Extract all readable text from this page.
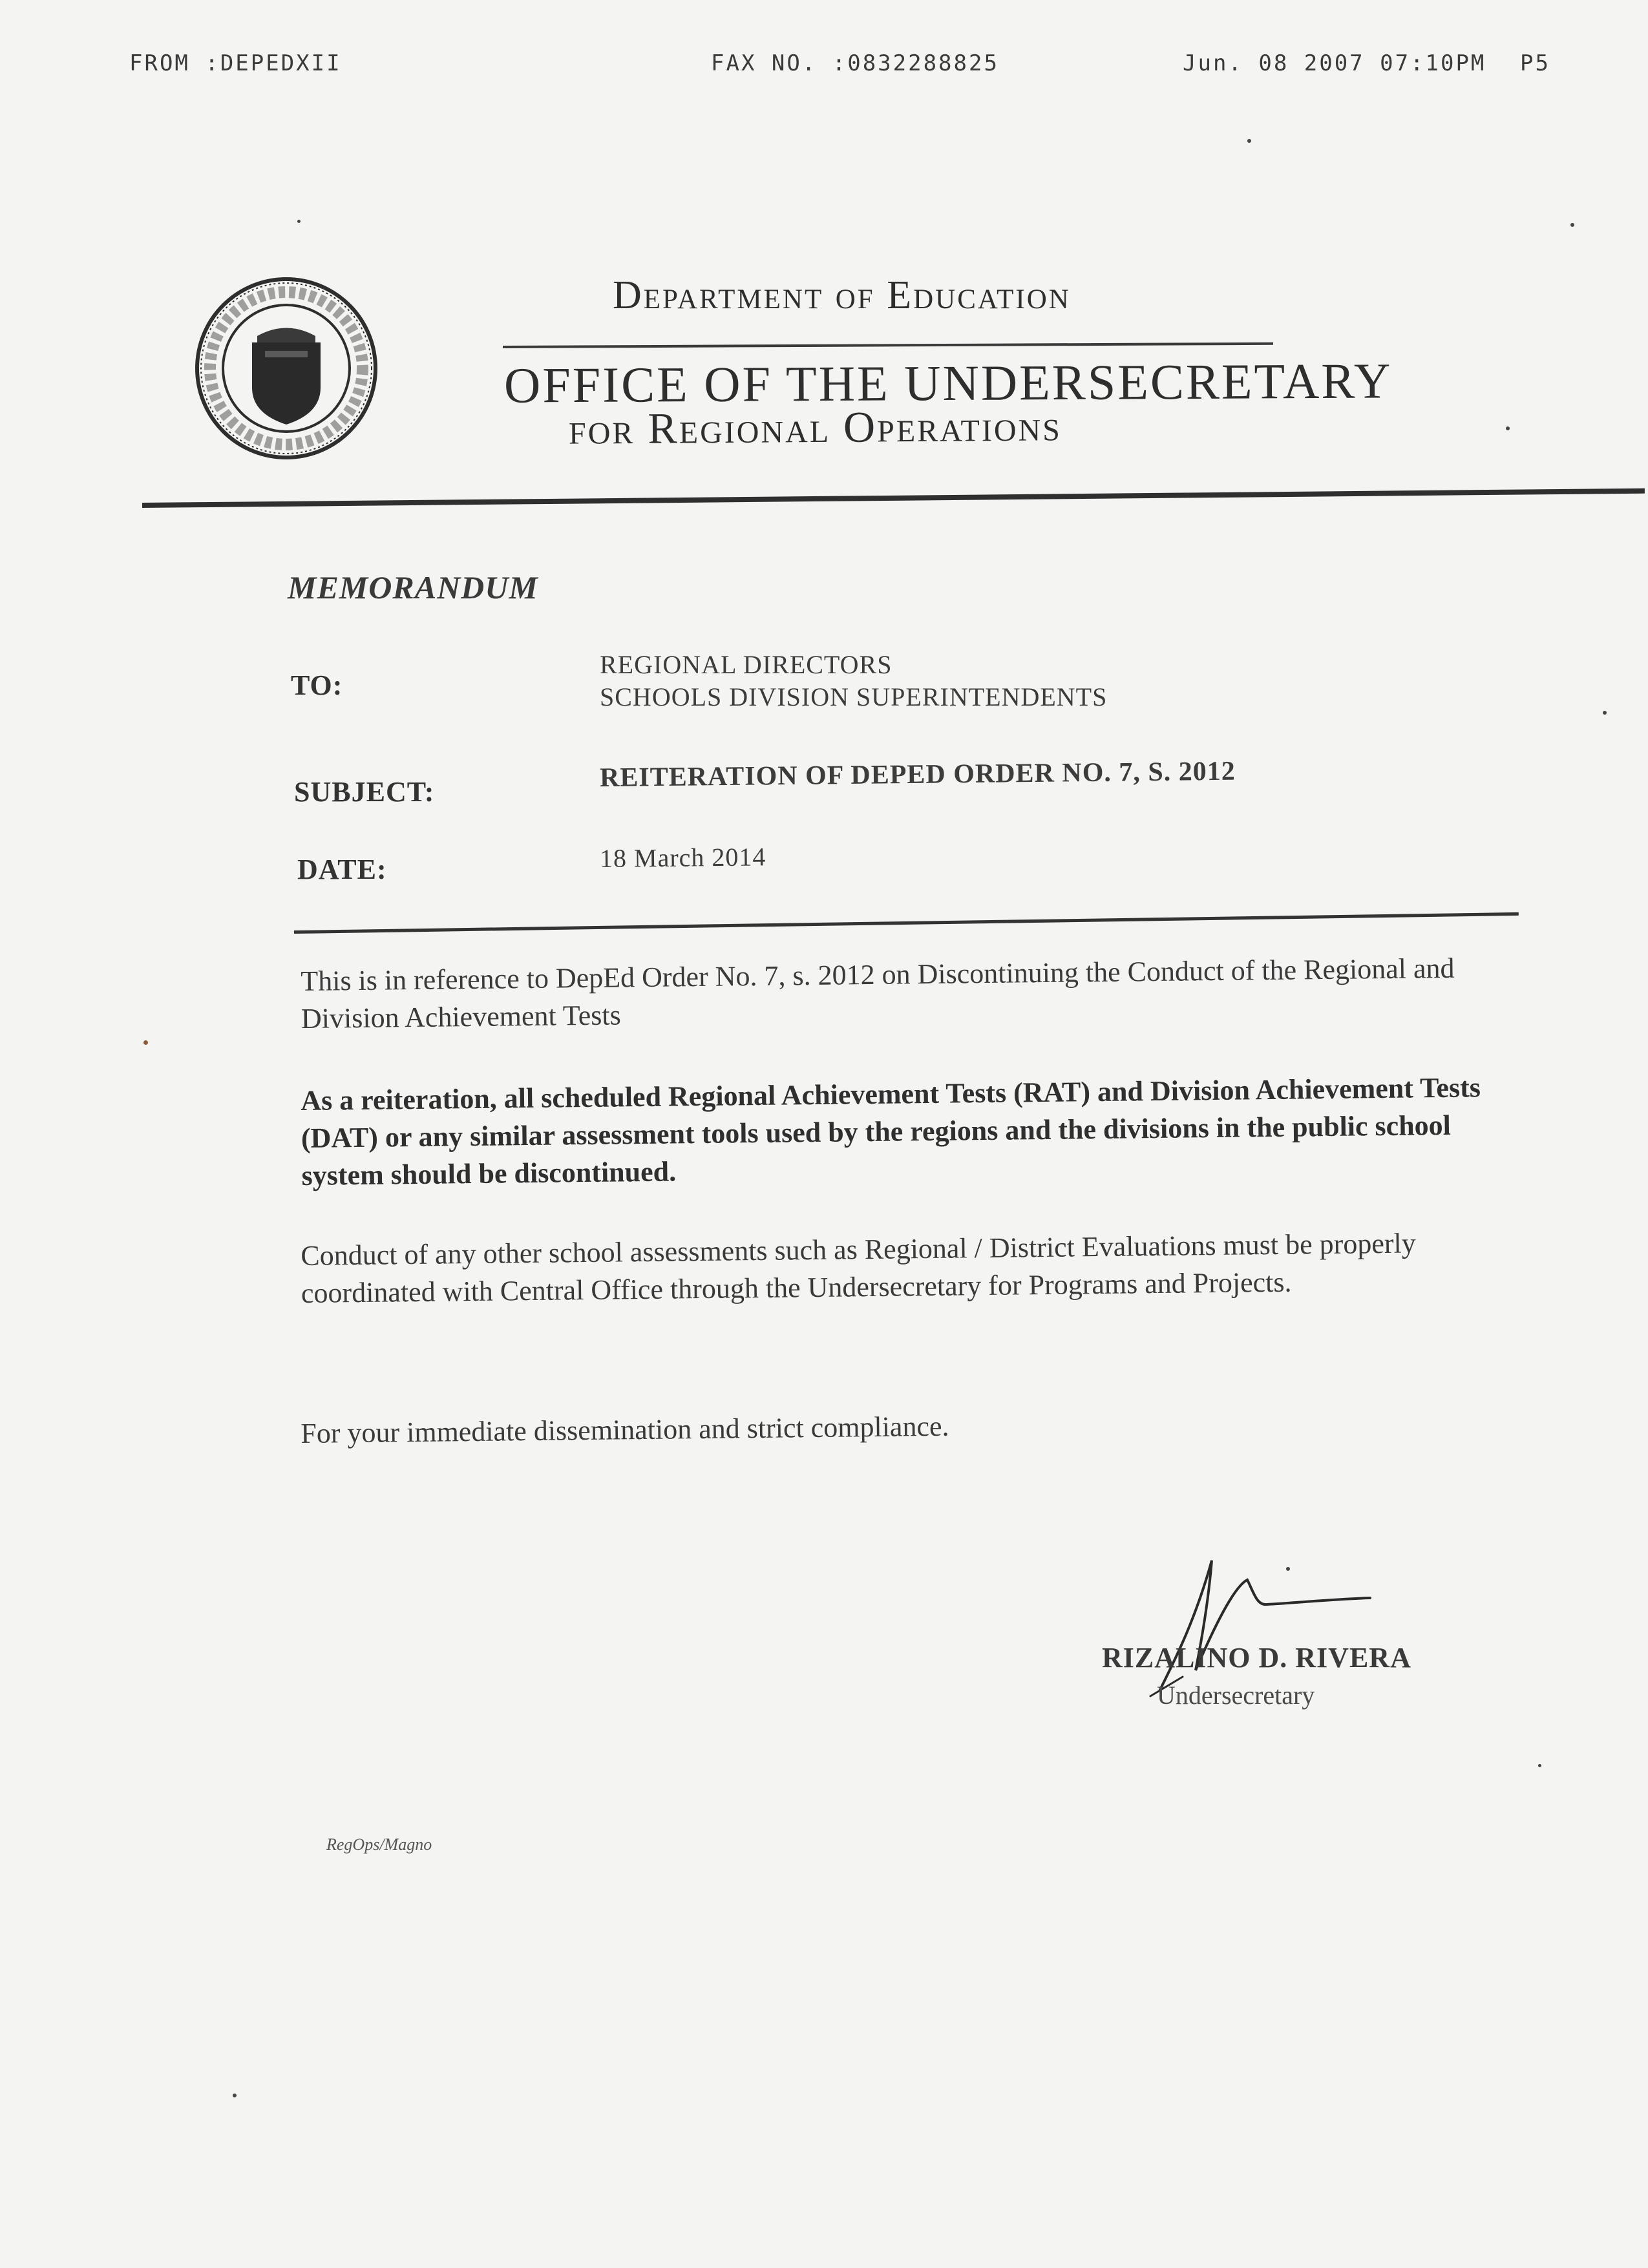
FROM :DEPEDXII	FAX NO. :0832288825	Jun. 08 2007 07:10PM P5
Department of Education
OFFICE OF THE UNDERSECRETARY
for Regional Operations
MEMORANDUM
TO:
REGIONAL DIRECTORS
SCHOOLS DIVISION SUPERINTENDENTS
SUBJECT:	REITERATION OF DEPED ORDER NO. 7, S. 2012
DATE:	18 March 2014
This is in reference to DepEd Order No. 7, s. 2012 on Discontinuing the Conduct of the Regional and Division Achievement Tests
As a reiteration, all scheduled Regional Achievement Tests (RAT) and Division Achievement Tests (DAT) or any similar assessment tools used by the regions and the divisions in the public school system should be discontinued.
Conduct of any other school assessments such as Regional / District Evaluations must be properly coordinated with Central Office through the Undersecretary for Programs and Projects.
For your immediate dissemination and strict compliance.
RIZALINO D. RIVERA
Undersecretary
RegOps/Magno
